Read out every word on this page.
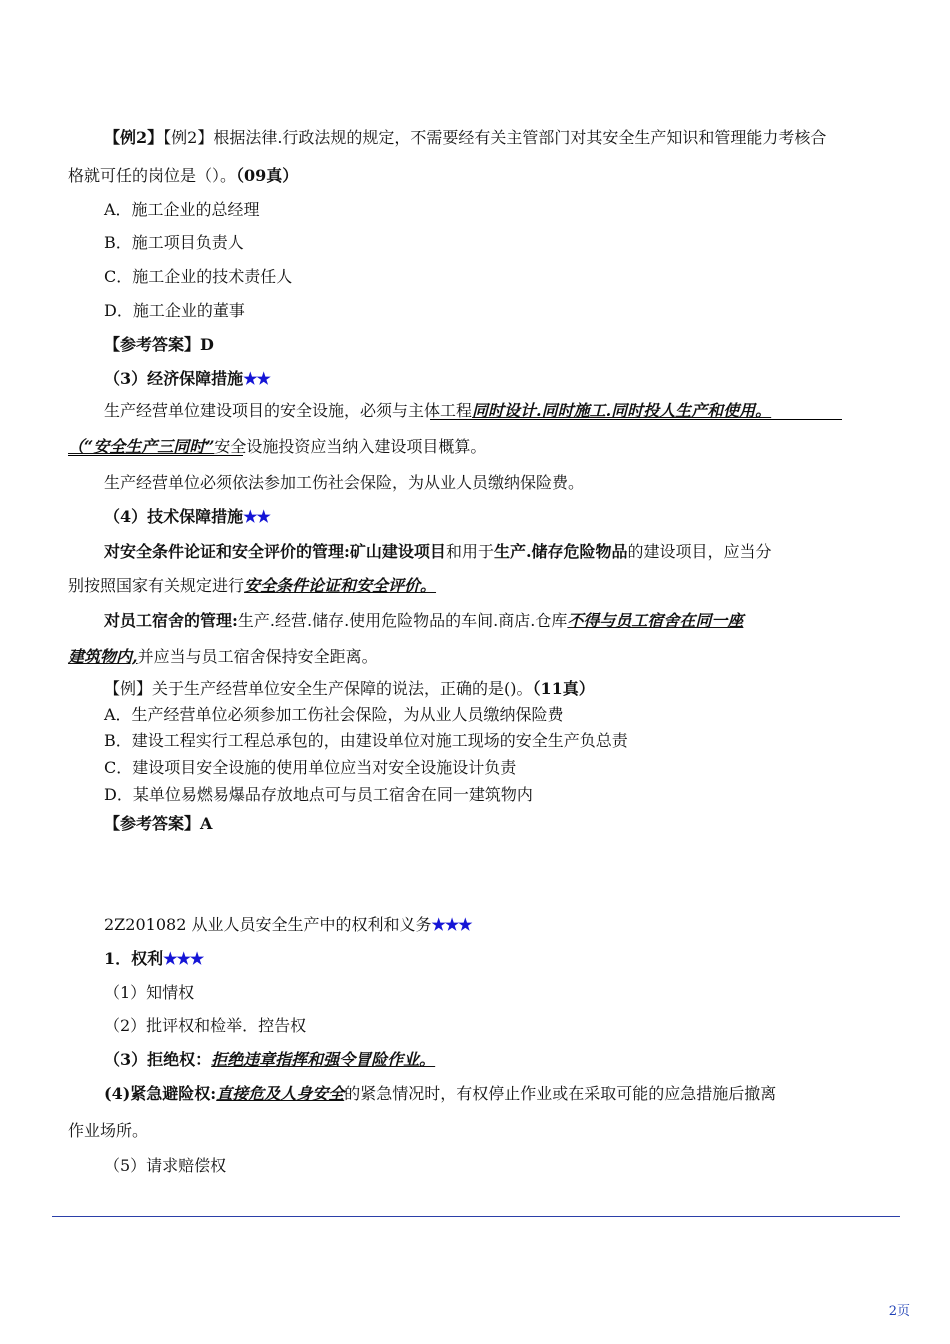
【例2】【例2】根据法律.行政法规的规定，不需要经有关主管部门对其安全生产知识和管理能力考核合

格就可任的岗位是（）。（09真）

A．施工企业的总经理

B．施工项目负责人

C．施工企业的技术责任人

D．施工企业的董事

【参考答案】D

（3）经济保障措施★★

生产经营单位建设项目的安全设施，必须与主体工程同时设计.同时施工.同时投人生产和使用。

（“安全生产三同时”安全设施投资应当纳入建设项目概算。

生产经营单位必须依法参加工伤社会保险，为从业人员缴纳保险费。

（4）技术保障措施★★

对安全条件论证和安全评价的管理:矿山建设项目和用于生产.储存危险物品的建设项目，应当分

别按照国家有关规定进行安全条件论证和安全评价。

对员工宿舍的管理:生产.经营.储存.使用危险物品的车间.商店.仓库不得与员工宿舍在同一座

建筑物内,并应当与员工宿舍保持安全距离。

【例】关于生产经营单位安全生产保障的说法，正确的是()。（11真）

A．生产经营单位必须参加工伤社会保险，为从业人员缴纳保险费

B．建设工程实行工程总承包的，由建设单位对施工现场的安全生产负总责

C．建设项目安全设施的使用单位应当对安全设施设计负责

D．某单位易燃易爆品存放地点可与员工宿舍在同一建筑物内

【参考答案】A

2Z201082 从业人员安全生产中的权利和义务★★★

1．权利★★★

（1）知情权

（2）批评权和检举．控告权

（3）拒绝权：拒绝违章指挥和强令冒险作业。

(4)紧急避险权:直接危及人身安全的紧急情况时，有权停止作业或在采取可能的应急措施后撤离

作业场所。

（5）请求赔偿权

2页
